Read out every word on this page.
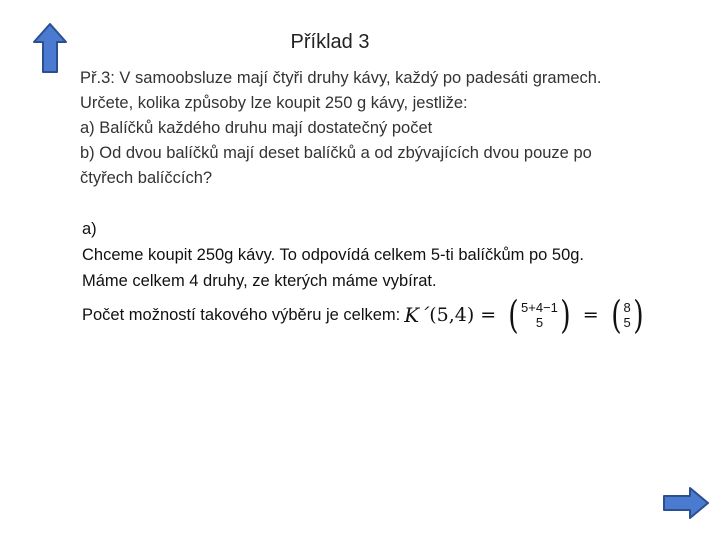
Příklad 3

Př.3: V samoobsluze mají čtyři druhy kávy, každý po padesáti gramech.

Určete, kolika způsoby lze koupit 250 g kávy, jestliže:

a) Balíčků každého druhu mají dostatečný počet

b) Od dvou balíčků mají deset balíčků a od zbývajících dvou pouze po

čtyřech balíčcích?

a)

Chceme koupit 250g kávy. To odpovídá celkem 5-ti balíčkům po 50g.

Máme celkem 4 druhy, ze kterých máme vybírat.

Počet možností takového výběru je celkem: K´ (5,4) = ( 5+4−1
5 ) = ( 8
5 )
